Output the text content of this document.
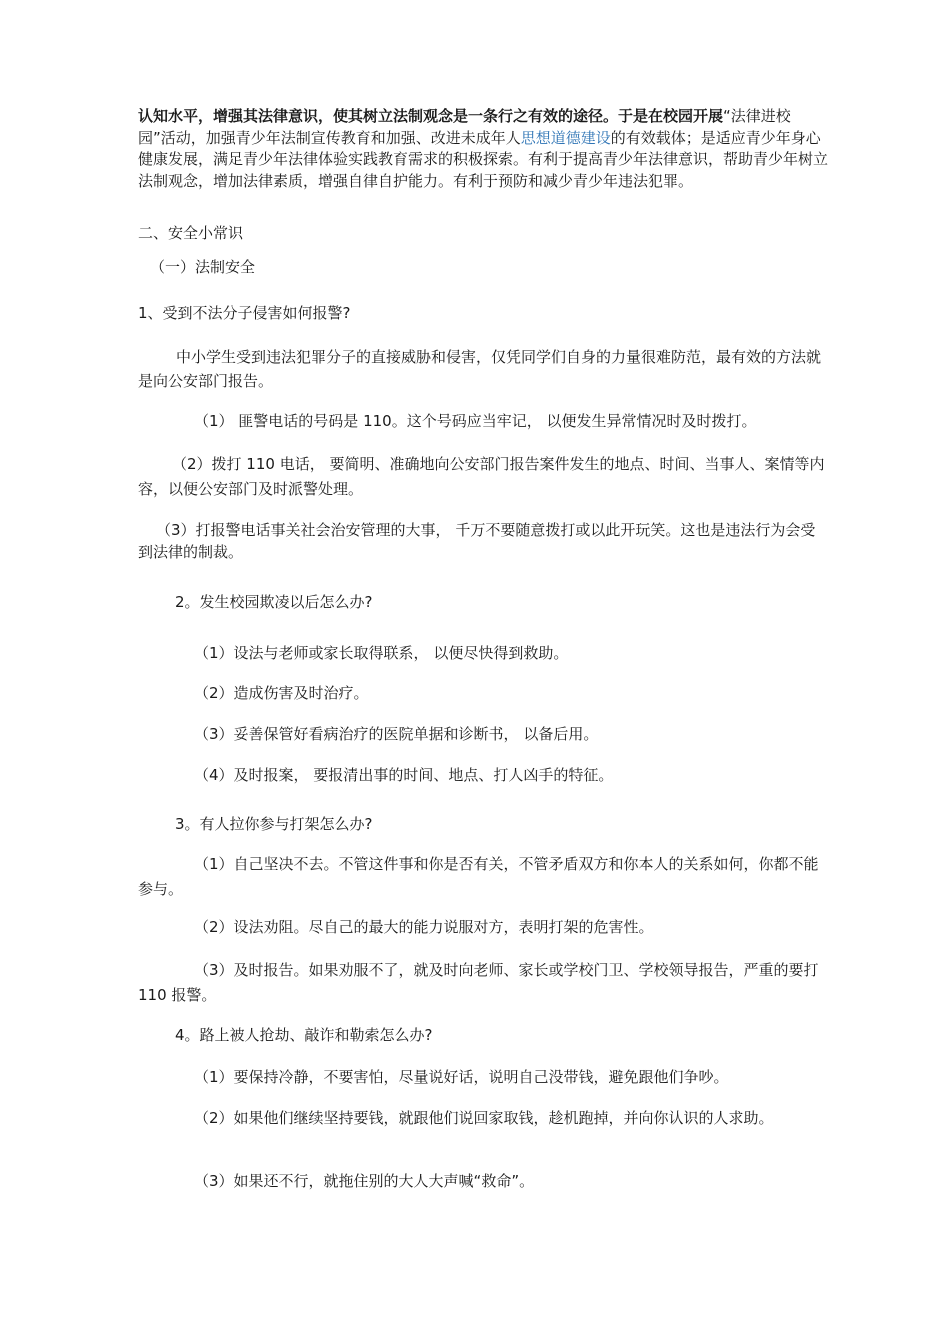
认知水平，增强其法律意识，使其树立法制观念是一条行之有效的途径。于是在校园开展“法律进校园”活动，加强青少年法制宣传教育和加强、改进未成年人思想道德建设的有效载体；是适应青少年身心健康发展，满足青少年法律体验实践教育需求的积极探索。有利于提高青少年法律意识，帮助青少年树立法制观念，增加法律素质，增强自律自护能力。有利于预防和减少青少年违法犯罪。

二、安全小常识

（一）法制安全

1、受到不法分子侵害如何报警?

中小学生受到违法犯罪分子的直接威胁和侵害，仅凭同学们自身的力量很难防范，最有效的方法就是向公安部门报告。

（1） 匪警电话的号码是 110。这个号码应当牢记， 以便发生异常情况时及时拨打。

（2）拨打 110 电话， 要简明、准确地向公安部门报告案件发生的地点、时间、当事人、案情等内容，以便公安部门及时派警处理。

（3）打报警电话事关社会治安管理的大事， 千万不要随意拨打或以此开玩笑。这也是违法行为会受到法律的制裁。

2。发生校园欺凌以后怎么办?

（1）设法与老师或家长取得联系， 以便尽快得到救助。

（2）造成伤害及时治疗。

（3）妥善保管好看病治疗的医院单据和诊断书， 以备后用。

（4）及时报案， 要报清出事的时间、地点、打人凶手的特征。

3。有人拉你参与打架怎么办?

（1）自己坚决不去。不管这件事和你是否有关，不管矛盾双方和你本人的关系如何，你都不能参与。

（2）设法劝阻。尽自己的最大的能力说服对方，表明打架的危害性。

（3）及时报告。如果劝服不了，就及时向老师、家长或学校门卫、学校领导报告，严重的要打 110 报警。

4。路上被人抢劫、敲诈和勒索怎么办?

（1）要保持冷静，不要害怕，尽量说好话，说明自己没带钱，避免跟他们争吵。

（2）如果他们继续坚持要钱，就跟他们说回家取钱，趁机跑掉，并向你认识的人求助。

（3）如果还不行，就拖住别的大人大声喊“救命”。
